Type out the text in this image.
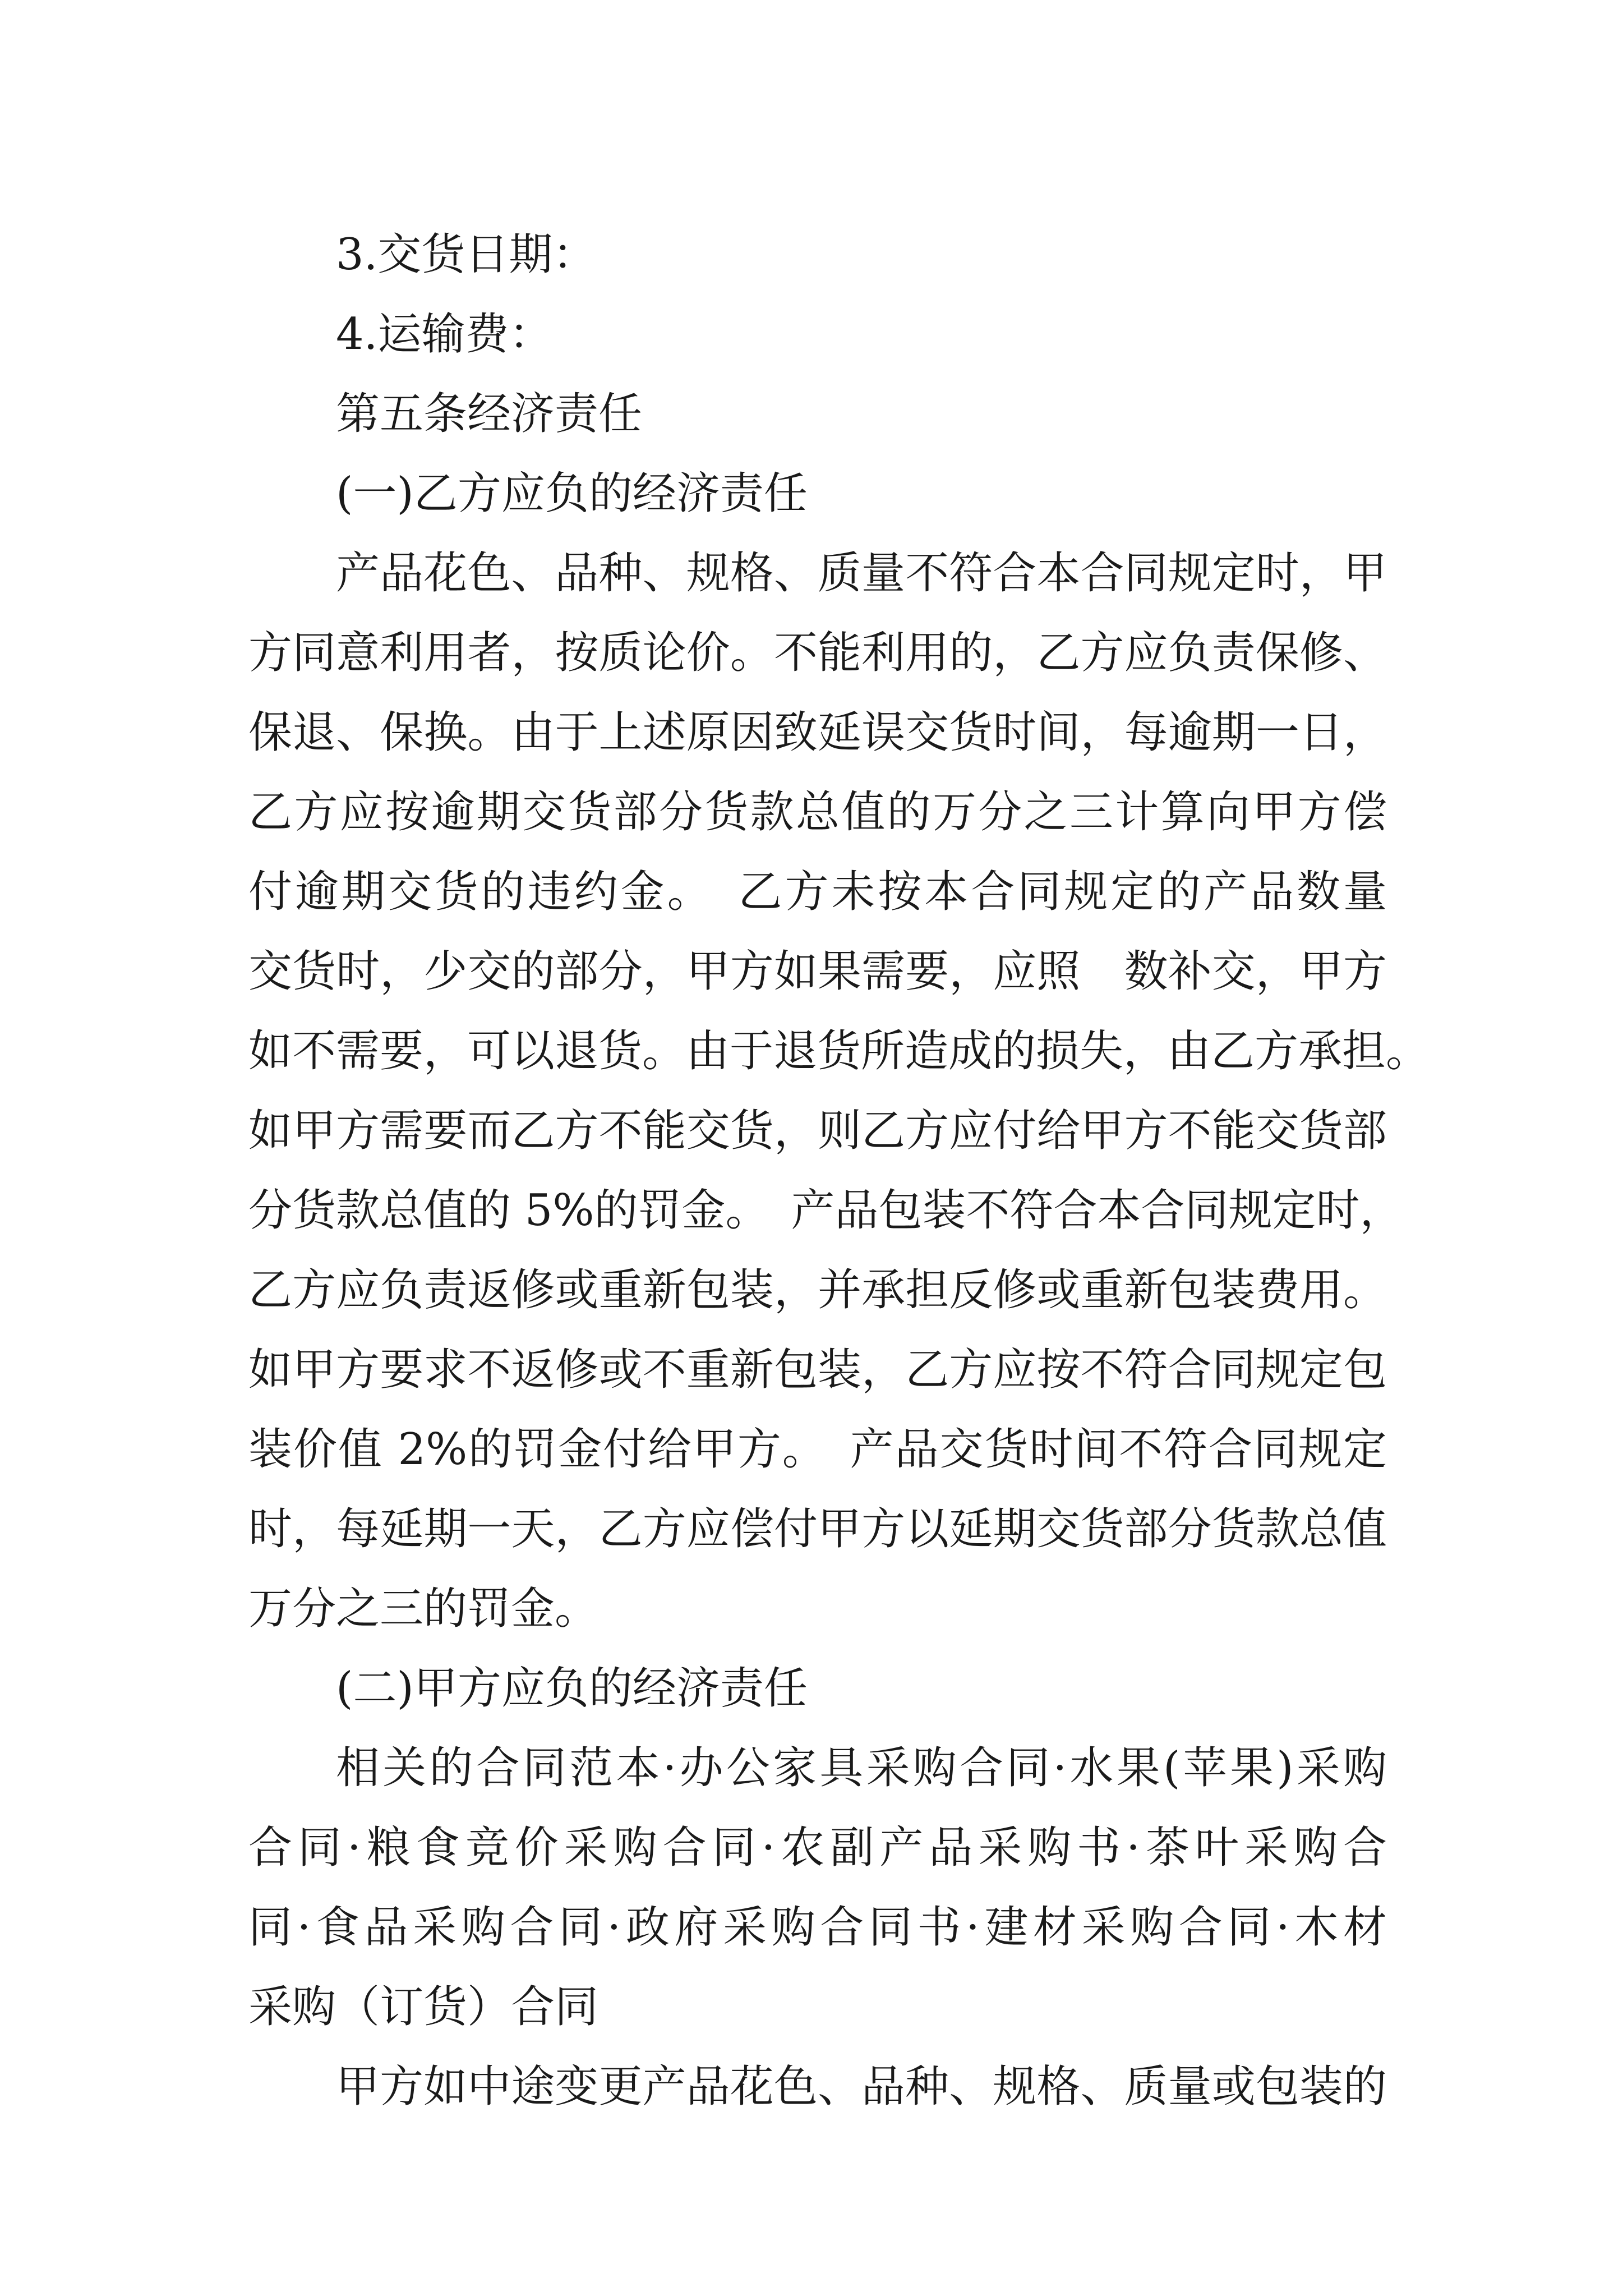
3.交货日期：
4.运输费：
第五条经济责任
(一)乙方应负的经济责任
产品花色、品种、规格、质量不符合本合同规定时，甲
方同意利用者，按质论价。不能利用的，乙方应负责保修、
保退、保换。由于上述原因致延误交货时间，每逾期一日，
乙方应按逾期交货部分货款总值的万分之三计算向甲方偿
付逾期交货的违约金。　乙方未按本合同规定的产品数量
交货时，少交的部分，甲方如果需要，应照　数补交，甲方
如不需要，可以退货。由于退货所造成的损失，由乙方承担。
如甲方需要而乙方不能交货，则乙方应付给甲方不能交货部
分货款总值的 5%的罚金。　产品包装不符合本合同规定时，
乙方应负责返修或重新包装，并承担反修或重新包装费用。
如甲方要求不返修或不重新包装，乙方应按不符合同规定包
装价值 2%的罚金付给甲方。　产品交货时间不符合同规定
时，每延期一天，乙方应偿付甲方以延期交货部分货款总值
万分之三的罚金。
(二)甲方应负的经济责任
相关的合同范本·办公家具采购合同·水果(苹果)采购
合同·粮食竞价采购合同·农副产品采购书·茶叶采购合
同·食品采购合同·政府采购合同书·建材采购合同·木材
采购（订货）合同
甲方如中途变更产品花色、品种、规格、质量或包装的
